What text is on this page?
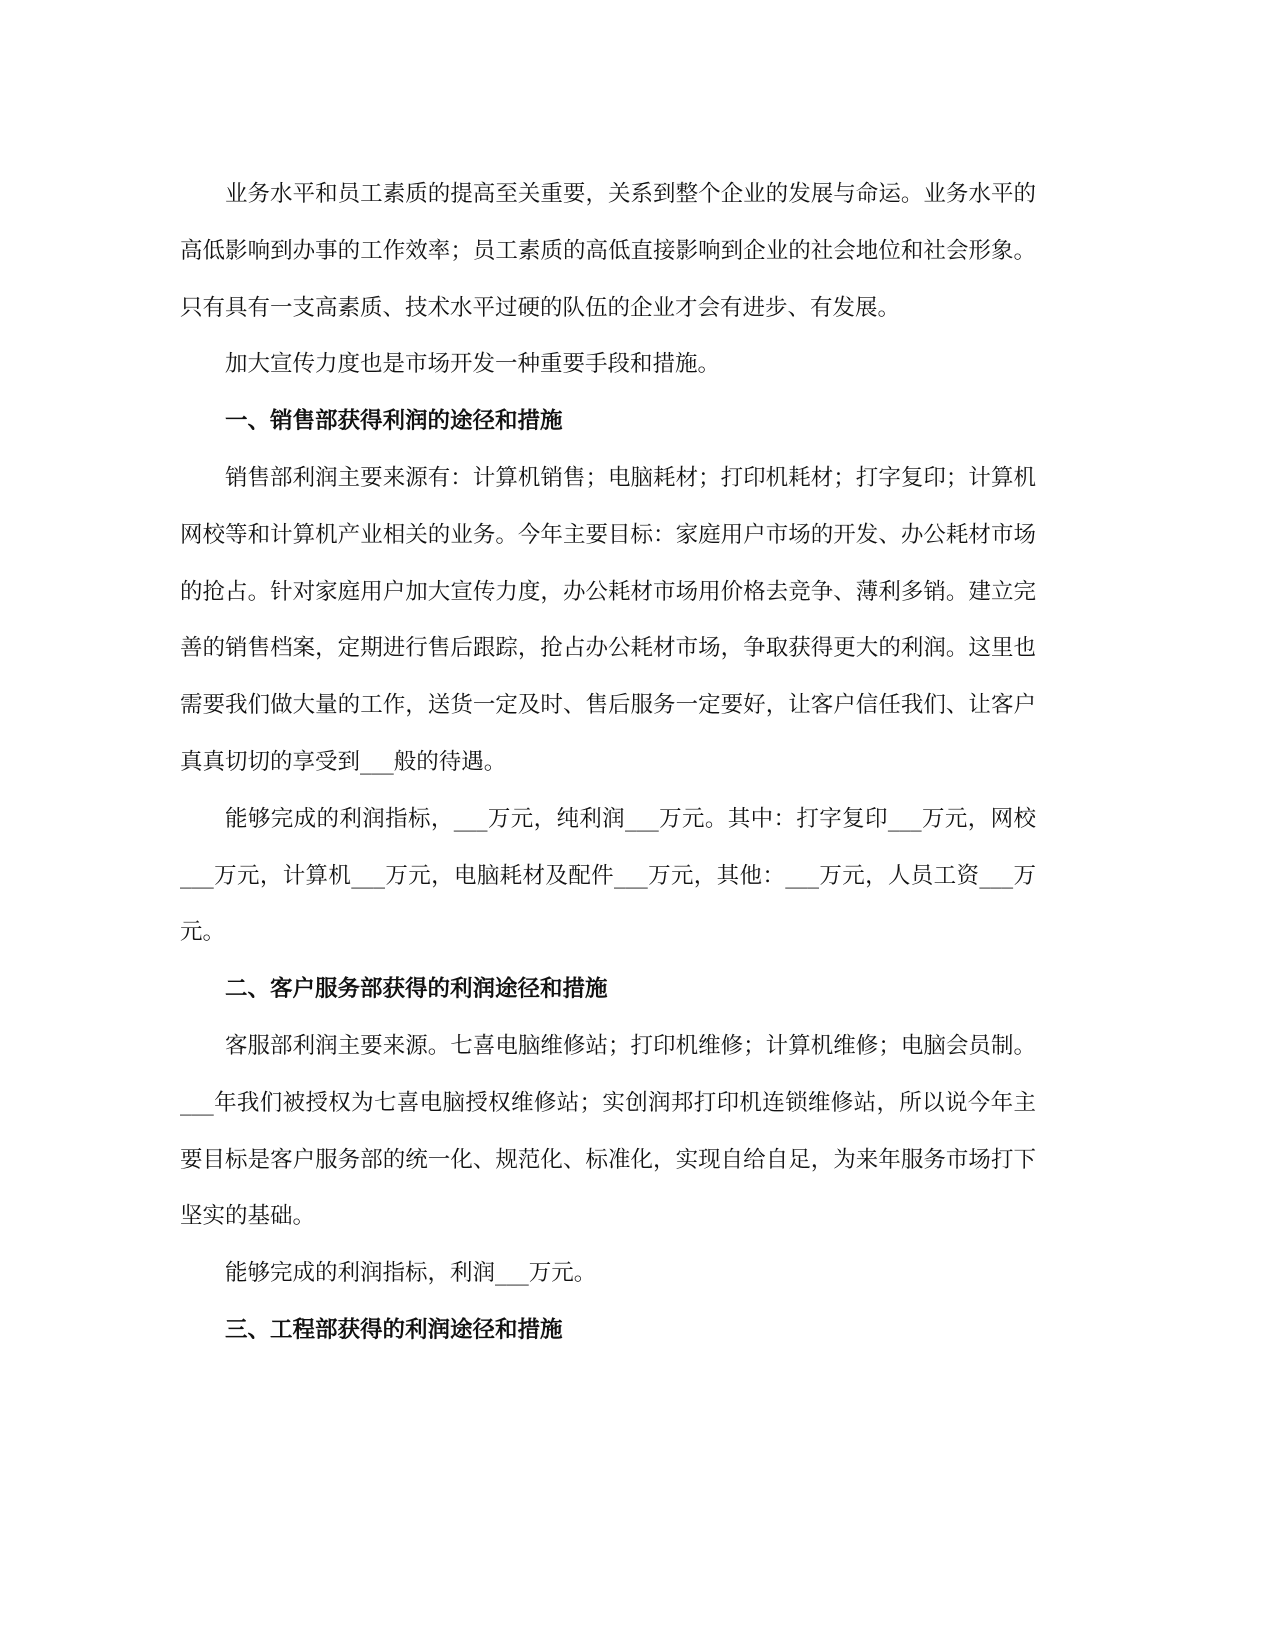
业务水平和员工素质的提高至关重要，关系到整个企业的发展与命运。业务水平的高低影响到办事的工作效率；员工素质的高低直接影响到企业的社会地位和社会形象。只有具有一支高素质、技术水平过硬的队伍的企业才会有进步、有发展。

加大宣传力度也是市场开发一种重要手段和措施。

一、销售部获得利润的途径和措施

销售部利润主要来源有：计算机销售；电脑耗材；打印机耗材；打字复印；计算机网校等和计算机产业相关的业务。今年主要目标：家庭用户市场的开发、办公耗材市场的抢占。针对家庭用户加大宣传力度，办公耗材市场用价格去竞争、薄利多销。建立完善的销售档案，定期进行售后跟踪，抢占办公耗材市场，争取获得更大的利润。这里也需要我们做大量的工作，送货一定及时、售后服务一定要好，让客户信任我们、让客户真真切切的享受到___般的待遇。

能够完成的利润指标，___万元，纯利润___万元。其中：打字复印___万元，网校___万元，计算机___万元，电脑耗材及配件___万元，其他：___万元，人员工资___万元。

二、客户服务部获得的利润途径和措施

客服部利润主要来源。七喜电脑维修站；打印机维修；计算机维修；电脑会员制。___年我们被授权为七喜电脑授权维修站；实创润邦打印机连锁维修站，所以说今年主要目标是客户服务部的统一化、规范化、标准化，实现自给自足，为来年服务市场打下坚实的基础。

能够完成的利润指标，利润___万元。

三、工程部获得的利润途径和措施
